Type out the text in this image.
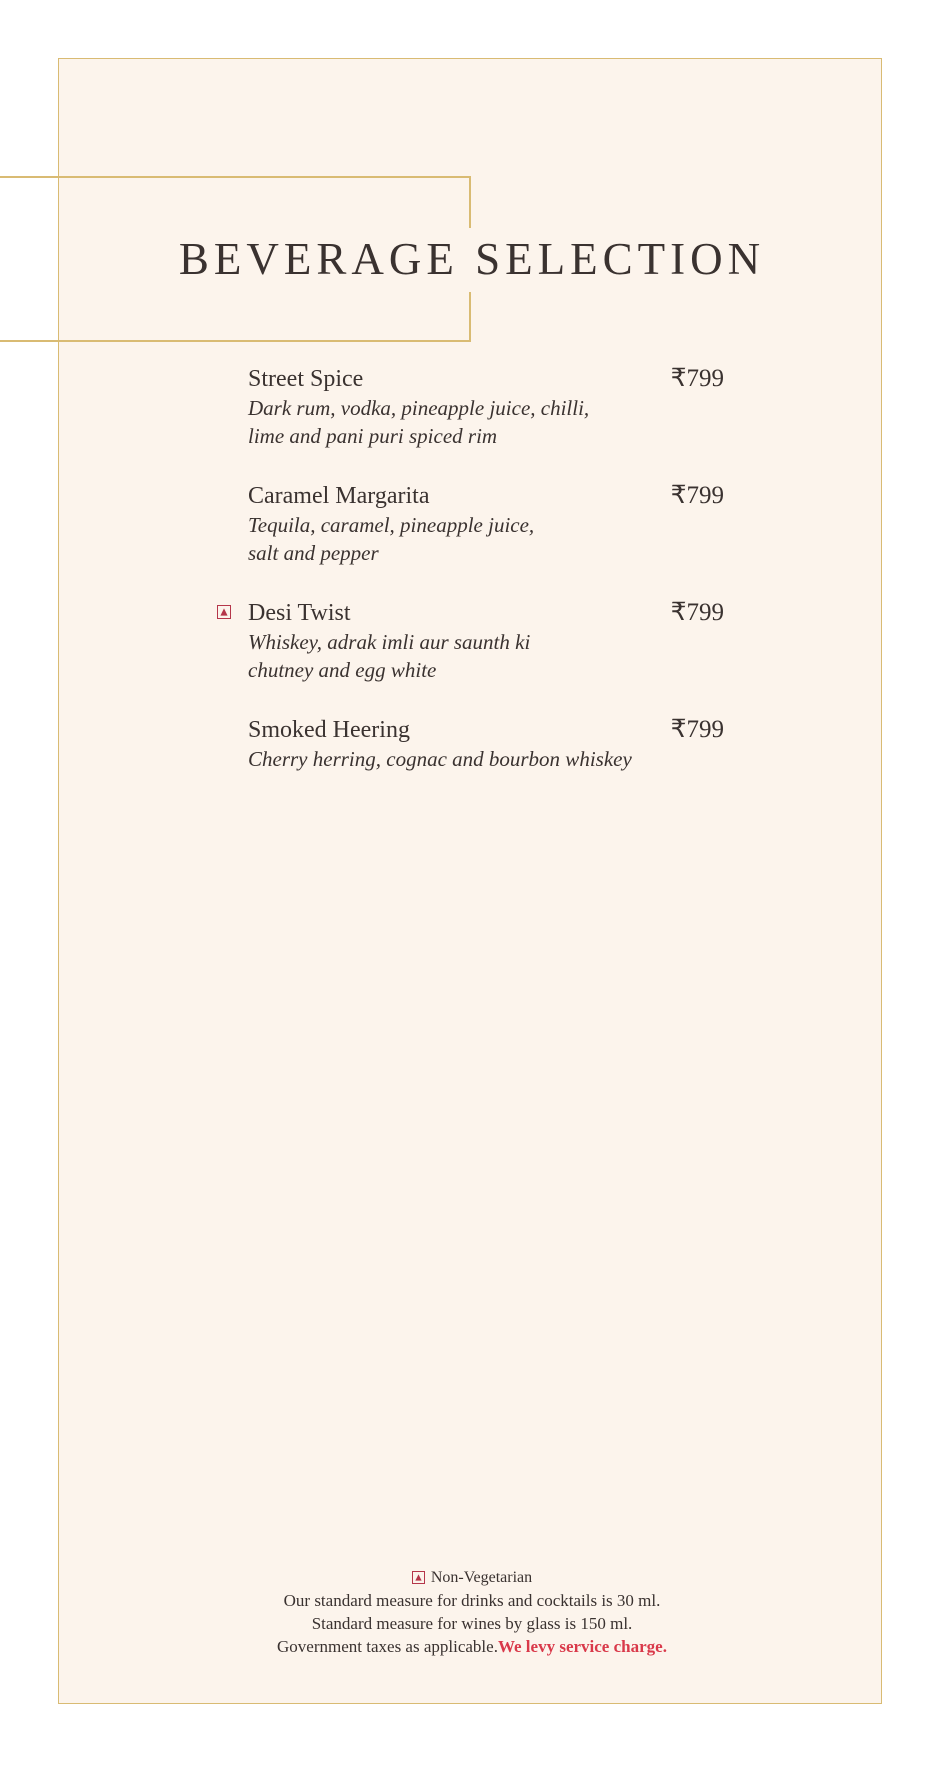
BEVERAGE SELECTION

Street Spice

Dark rum, vodka, pineapple juice, chilli,
lime and pani puri spiced rim

₹799

Caramel Margarita

Tequila, caramel, pineapple juice,
salt and pepper

₹799

Desi Twist

Whiskey, adrak imli aur saunth ki
chutney and egg white

₹799

Smoked Heering

Cherry herring, cognac and bourbon whiskey

₹799
Non-Vegetarian
Our standard measure for drinks and cocktails is 30 ml.
Standard measure for wines by glass is 150 ml.
Government taxes as applicable.We levy service charge.
